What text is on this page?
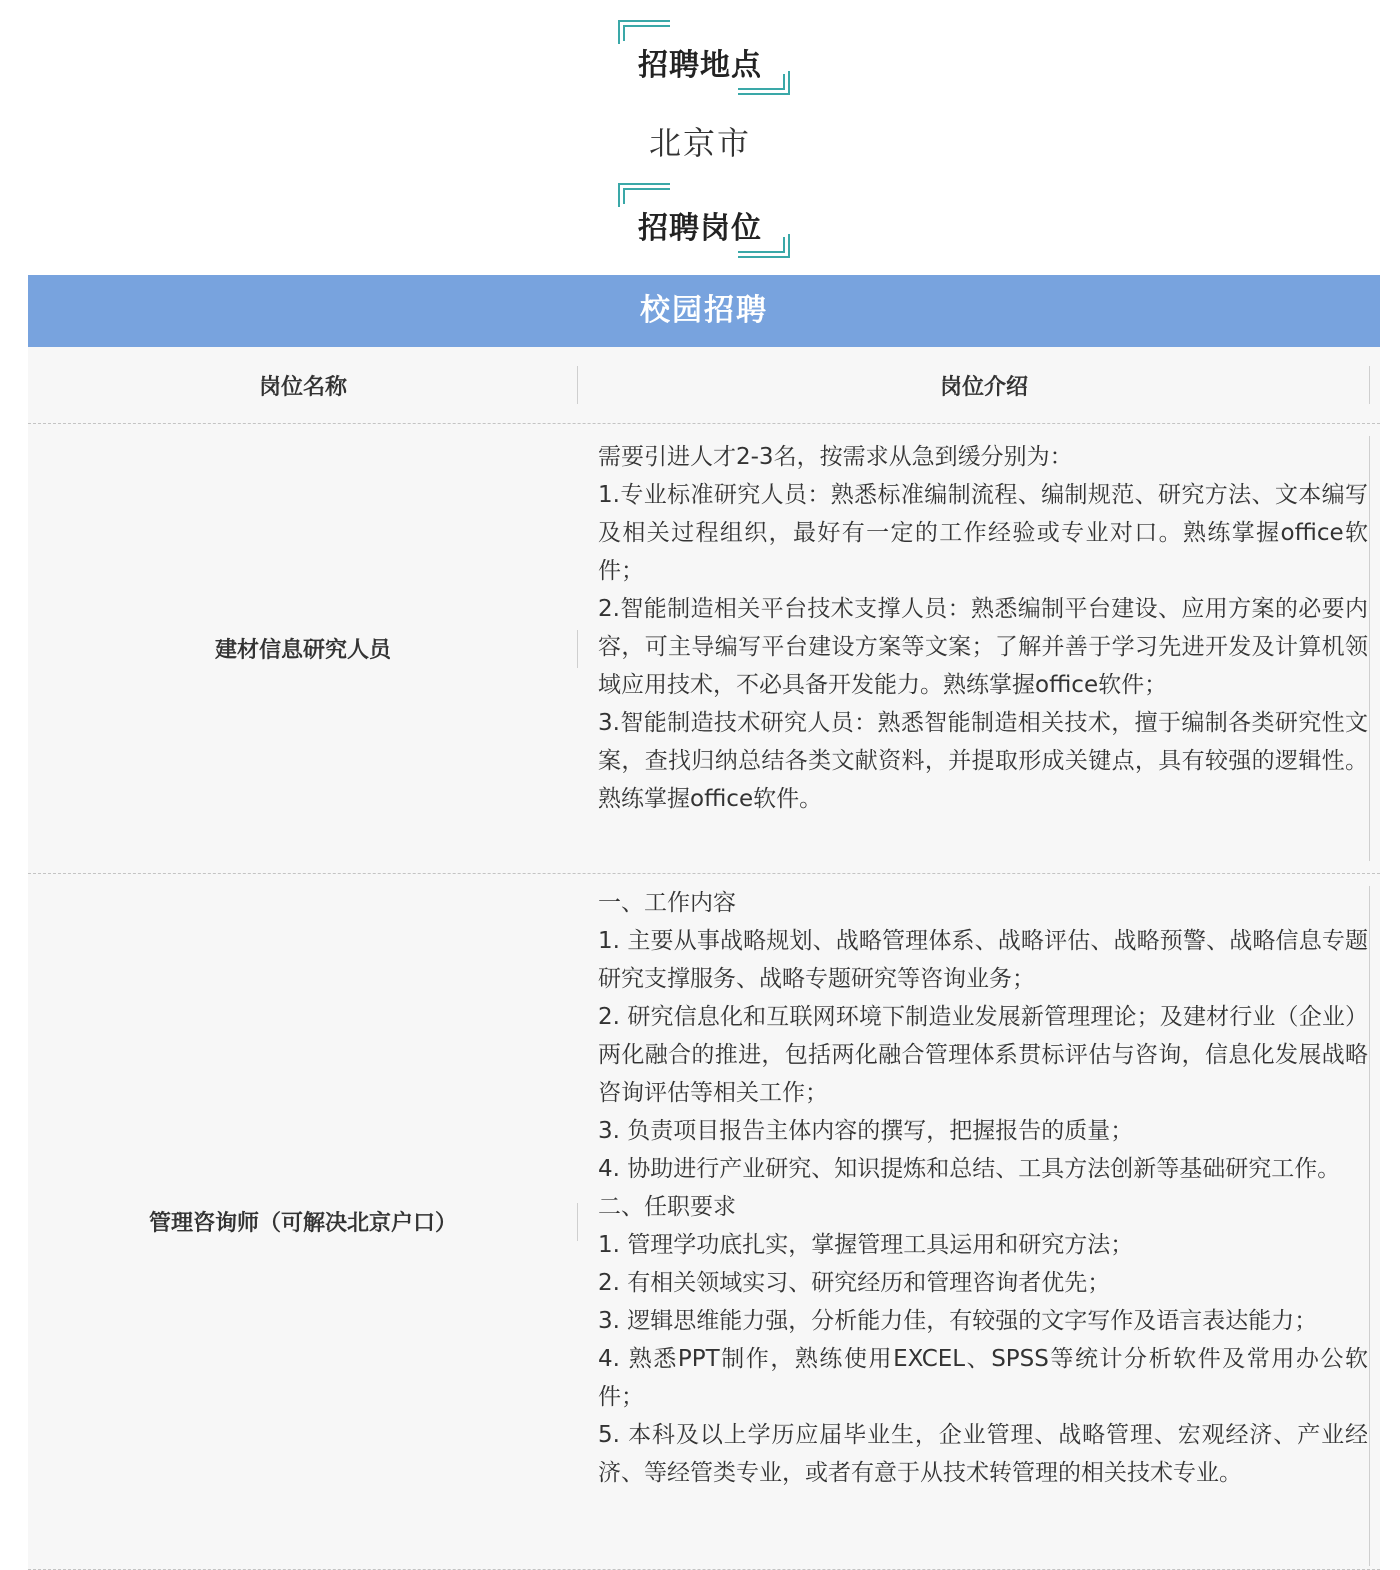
招聘地点
北京市
招聘岗位
校园招聘
岗位名称	岗位介绍
建材信息研究人员

需要引进人才2-3名，按需求从急到缓分别为：

1.专业标准研究人员：熟悉标准编制流程、编制规范、研究方法、文本编写及相关过程组织，最好有一定的工作经验或专业对口。熟练掌握office软件；

2.智能制造相关平台技术支撑人员：熟悉编制平台建设、应用方案的必要内容，可主导编写平台建设方案等文案；了解并善于学习先进开发及计算机领域应用技术，不必具备开发能力。熟练掌握office软件；

3.智能制造技术研究人员：熟悉智能制造相关技术，擅于编制各类研究性文案，查找归纳总结各类文献资料，并提取形成关键点，具有较强的逻辑性。熟练掌握office软件。

管理咨询师（可解决北京户口）

一、工作内容

1. 主要从事战略规划、战略管理体系、战略评估、战略预警、战略信息专题研究支撑服务、战略专题研究等咨询业务；

2. 研究信息化和互联网环境下制造业发展新管理理论；及建材行业（企业）两化融合的推进，包括两化融合管理体系贯标评估与咨询，信息化发展战略咨询评估等相关工作；

3. 负责项目报告主体内容的撰写，把握报告的质量；

4. 协助进行产业研究、知识提炼和总结、工具方法创新等基础研究工作。

二、任职要求

1. 管理学功底扎实，掌握管理工具运用和研究方法；

2. 有相关领域实习、研究经历和管理咨询者优先；

3. 逻辑思维能力强，分析能力佳，有较强的文字写作及语言表达能力；

4. 熟悉PPT制作，熟练使用EXCEL、SPSS等统计分析软件及常用办公软件；

5. 本科及以上学历应届毕业生，企业管理、战略管理、宏观经济、产业经济、等经管类专业，或者有意于从技术转管理的相关技术专业。
